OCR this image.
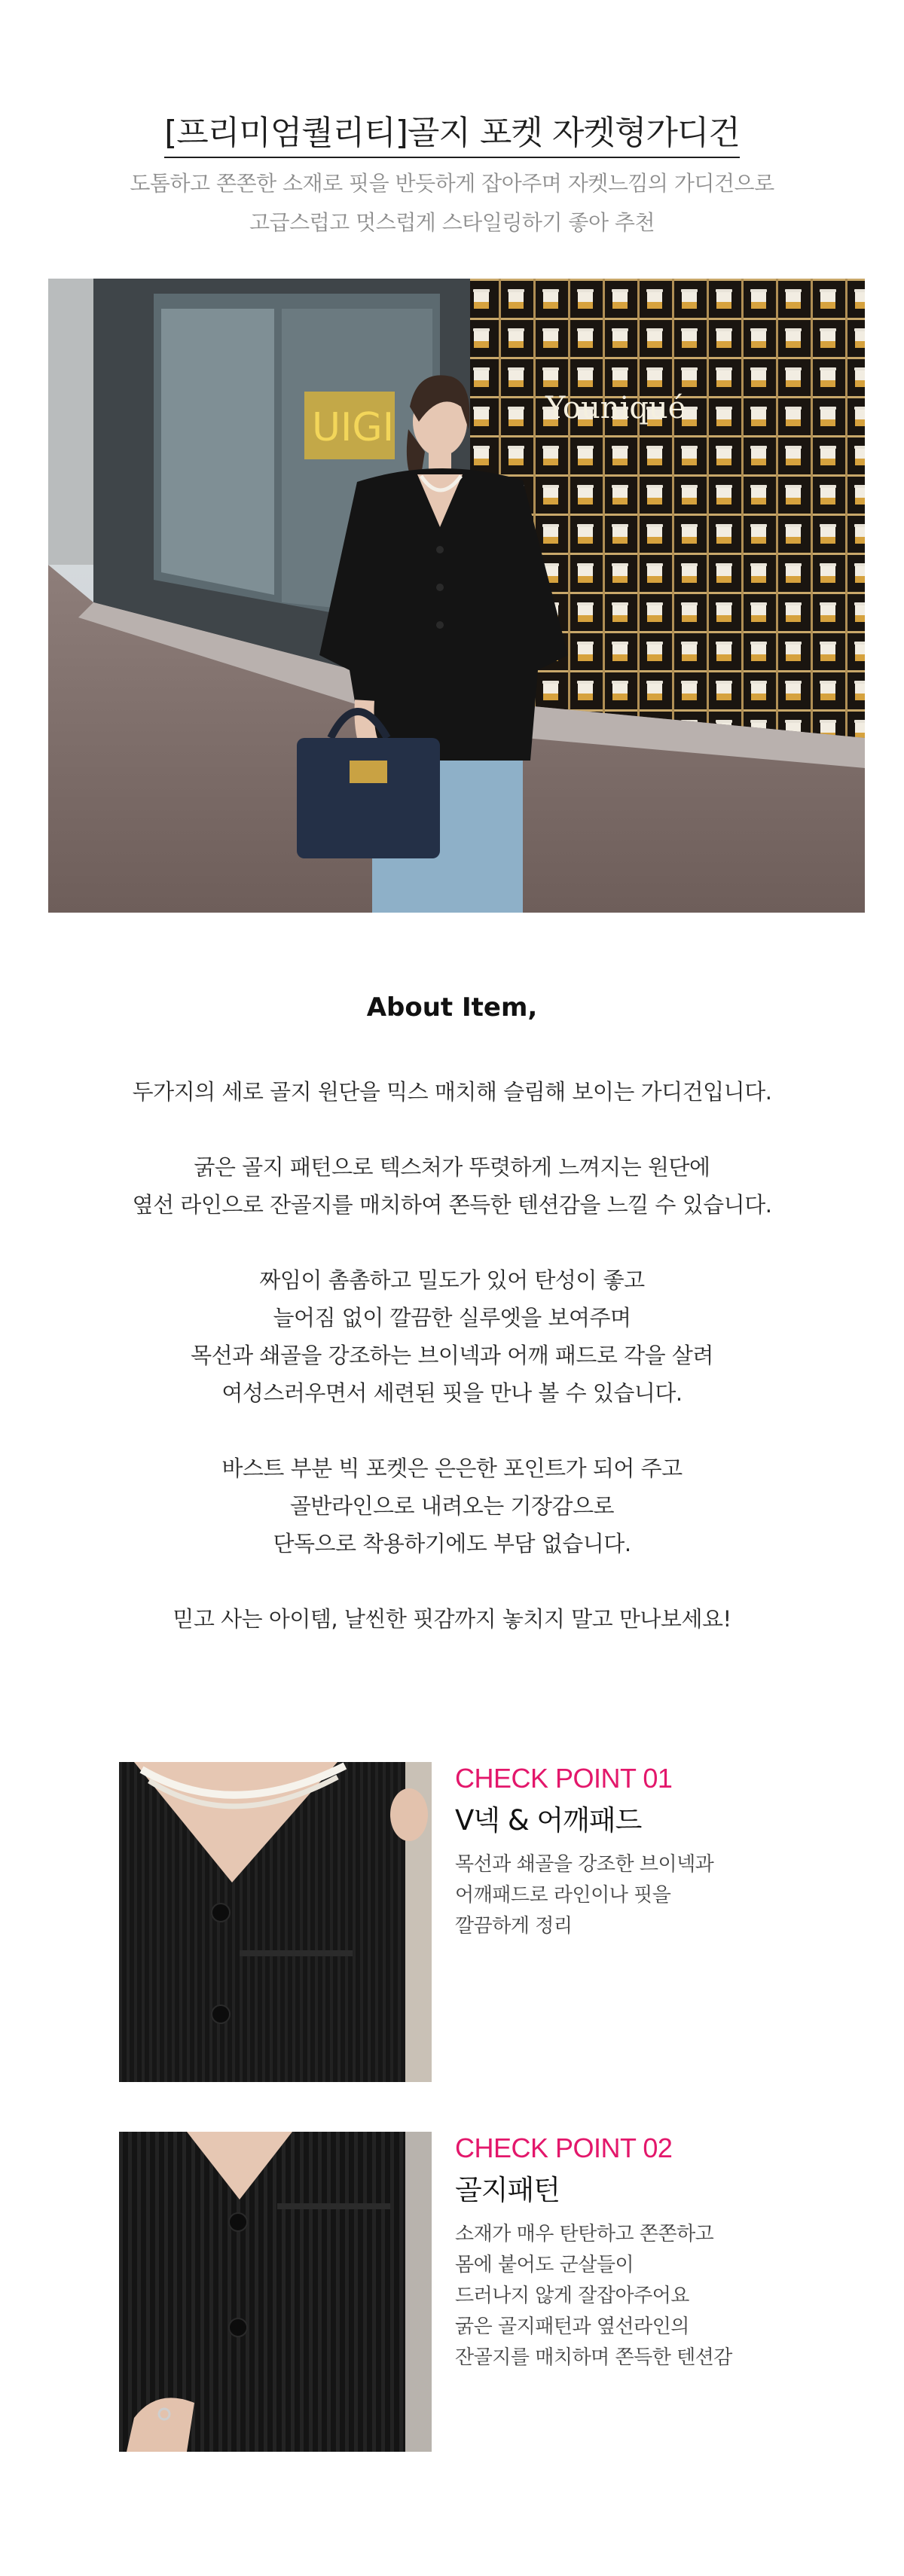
[프리미엄퀄리티]골지 포켓 자켓형가디건
도톰하고 쫀쫀한 소재로 핏을 반듯하게 잡아주며 자켓느낌의 가디건으로
고급스럽고 멋스럽게 스타일링하기 좋아 추천
UIGI	Youniqué
About Item,

두가지의 세로 골지 원단을 믹스 매치해 슬림해 보이는 가디건입니다.

굵은 골지 패턴으로 텍스처가 뚜렷하게 느껴지는 원단에
옆선 라인으로 잔골지를 매치하여 쫀득한 텐션감을 느낄 수 있습니다.

짜임이 촘촘하고 밀도가 있어 탄성이 좋고
늘어짐 없이 깔끔한 실루엣을 보여주며
목선과 쇄골을 강조하는 브이넥과 어깨 패드로 각을 살려
여성스러우면서 세련된 핏을 만나 볼 수 있습니다.

바스트 부분 빅 포켓은 은은한 포인트가 되어 주고
골반라인으로 내려오는 기장감으로
단독으로 착용하기에도 부담 없습니다.

믿고 사는 아이템, 날씬한 핏감까지 놓치지 말고 만나보세요!

CHECK POINT 01

V넥 & 어깨패드

목선과 쇄골을 강조한 브이넥과
어깨패드로 라인이나 핏을
깔끔하게 정리

CHECK POINT 02

골지패턴

소재가 매우 탄탄하고 쫀쫀하고
몸에 붙어도 군살들이
드러나지 않게 잘잡아주어요
굵은 골지패턴과 옆선라인의
잔골지를 매치하며 쫀득한 텐션감
